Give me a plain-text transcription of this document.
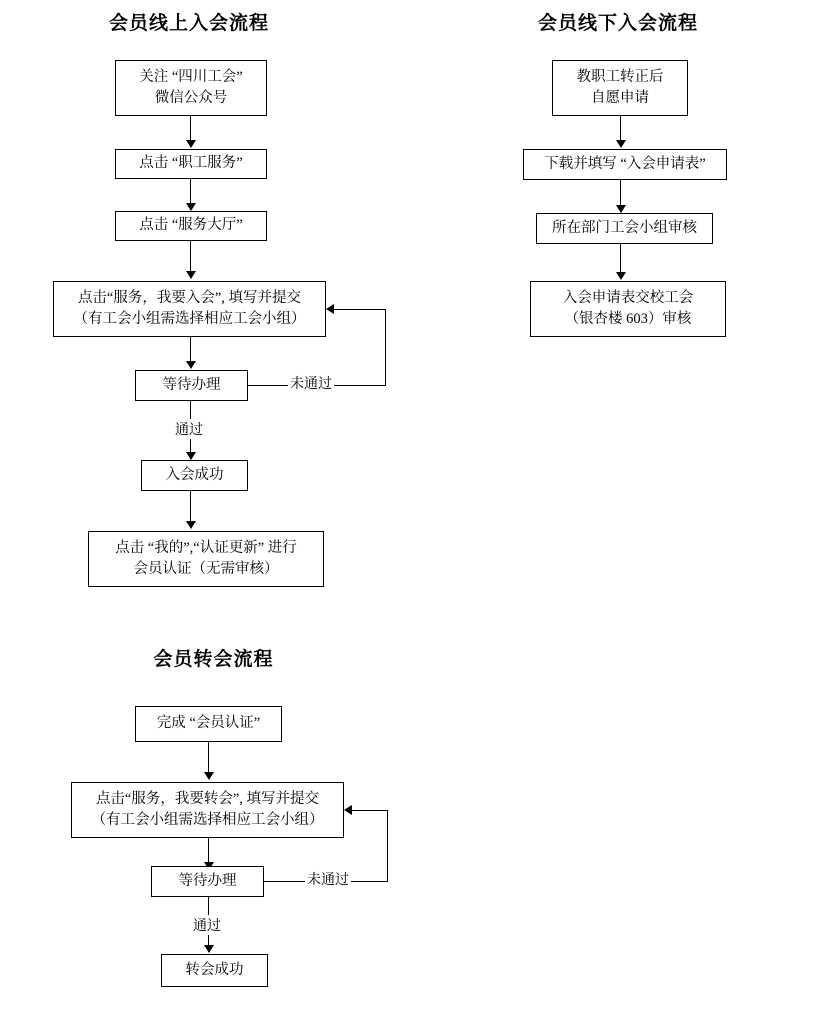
会员线上入会流程
关注 “四川工会”
微信公众号
点击 “职工服务”
点击 “服务大厅”
点击“服务，我要入会”, 填写并提交
（有工会小组需选择相应工会小组）
等待办理	未通过
通过
入会成功
点击 “我的”,“认证更新” 进行
会员认证（无需审核）
会员线下入会流程
教职工转正后
自愿申请
下载并填写 “入会申请表”
所在部门工会小组审核
入会申请表交校工会
（银杏楼 603）审核
会员转会流程
完成 “会员认证”
点击“服务，我要转会”, 填写并提交
（有工会小组需选择相应工会小组）
等待办理	未通过
通过
转会成功
